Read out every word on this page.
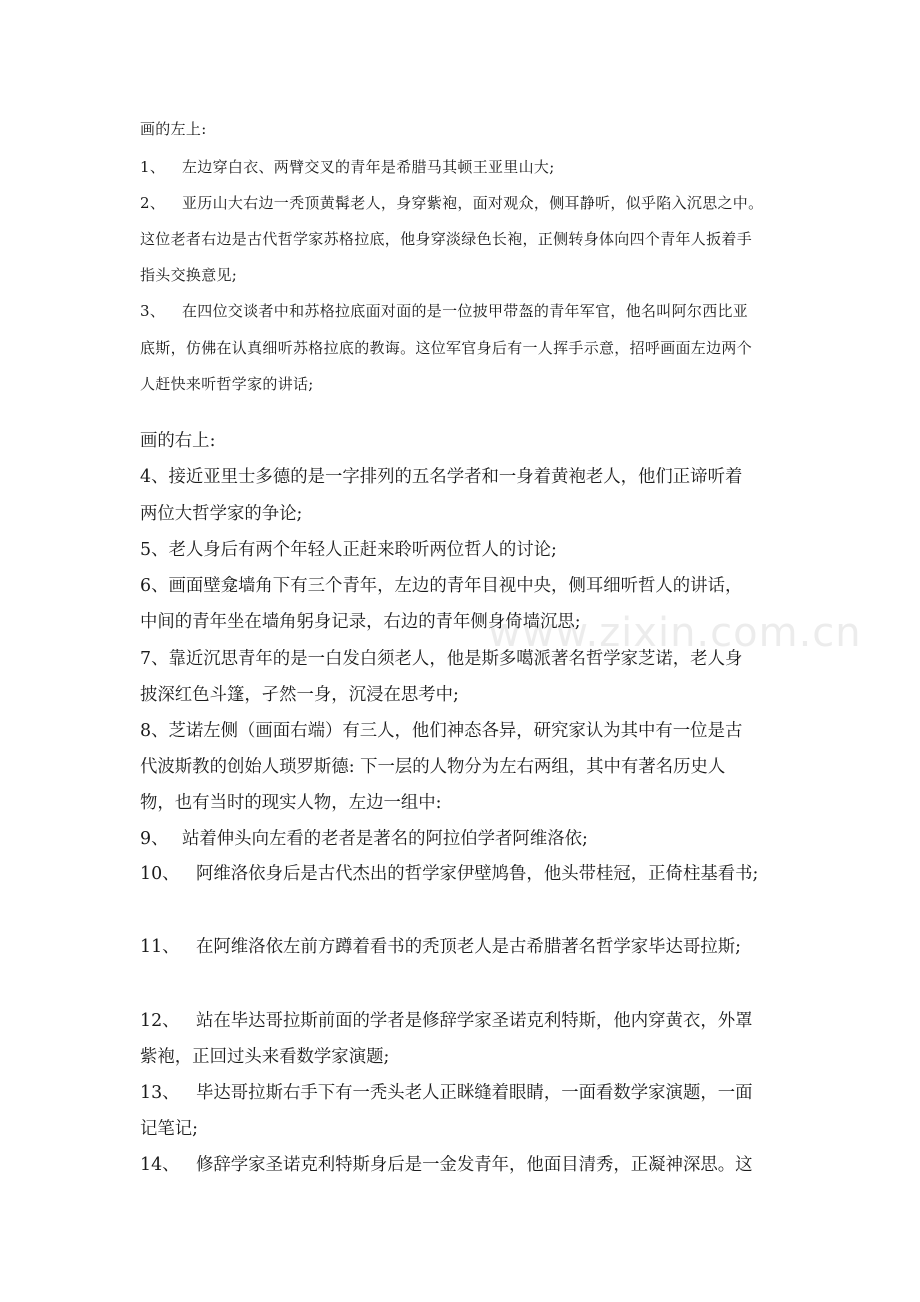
www.zixin.com.cn
画的左上:
1、 左边穿白衣、两臂交叉的青年是希腊马其顿王亚里山大;
2、 亚历山大右边一秃顶黄髯老人，身穿紫袍，面对观众，侧耳静听，似乎陷入沉思之中。
这位老者右边是古代哲学家苏格拉底，他身穿淡绿色长袍，正侧转身体向四个青年人扳着手
指头交换意见;
3、 在四位交谈者中和苏格拉底面对面的是一位披甲带盔的青年军官，他名叫阿尔西比亚
底斯，仿佛在认真细听苏格拉底的教诲。这位军官身后有一人挥手示意，招呼画面左边两个
人赶快来听哲学家的讲话;
画的右上:
4、接近亚里士多德的是一字排列的五名学者和一身着黄袍老人，他们正谛听着
两位大哲学家的争论;
5、老人身后有两个年轻人正赶来聆听两位哲人的讨论;
6、画面壁龛墙角下有三个青年，左边的青年目视中央，侧耳细听哲人的讲话，
中间的青年坐在墙角躬身记录，右边的青年侧身倚墙沉思;
7、靠近沉思青年的是一白发白须老人，他是斯多噶派著名哲学家芝诺，老人身
披深红色斗篷，孑然一身，沉浸在思考中;
8、芝诺左侧（画面右端）有三人，他们神态各异，研究家认为其中有一位是古
代波斯教的创始人琐罗斯德: 下一层的人物分为左右两组，其中有著名历史人
物，也有当时的现实人物，左边一组中:
9、 站着伸头向左看的老者是著名的阿拉伯学者阿维洛依;
10、 阿维洛依身后是古代杰出的哲学家伊壁鸠鲁，他头带桂冠，正倚柱基看书;
11、 在阿维洛依左前方蹲着看书的秃顶老人是古希腊著名哲学家毕达哥拉斯;
12、 站在毕达哥拉斯前面的学者是修辞学家圣诺克利特斯，他内穿黄衣，外罩
紫袍，正回过头来看数学家演题;
13、 毕达哥拉斯右手下有一秃头老人正眯缝着眼睛，一面看数学家演题，一面
记笔记;
14、 修辞学家圣诺克利特斯身后是一金发青年，他面目清秀，正凝神深思。这
